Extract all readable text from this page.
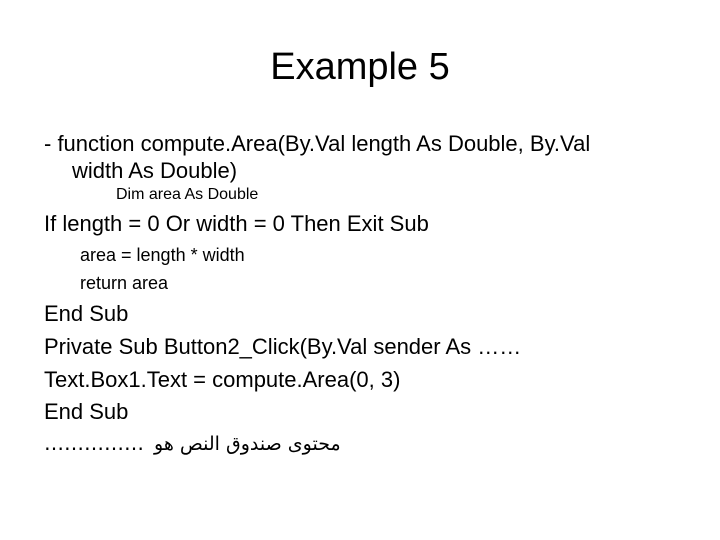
Example 5
- function compute.Area(By.Val length As Double, By.Val
width As Double)
Dim area As Double
If length = 0 Or width = 0 Then Exit Sub
area = length * width
return area
End Sub
Private Sub Button2_Click(By.Val sender As ……
Text.Box1.Text = compute.Area(0, 3)
End Sub
…………… محتوى صندوق النص هو
